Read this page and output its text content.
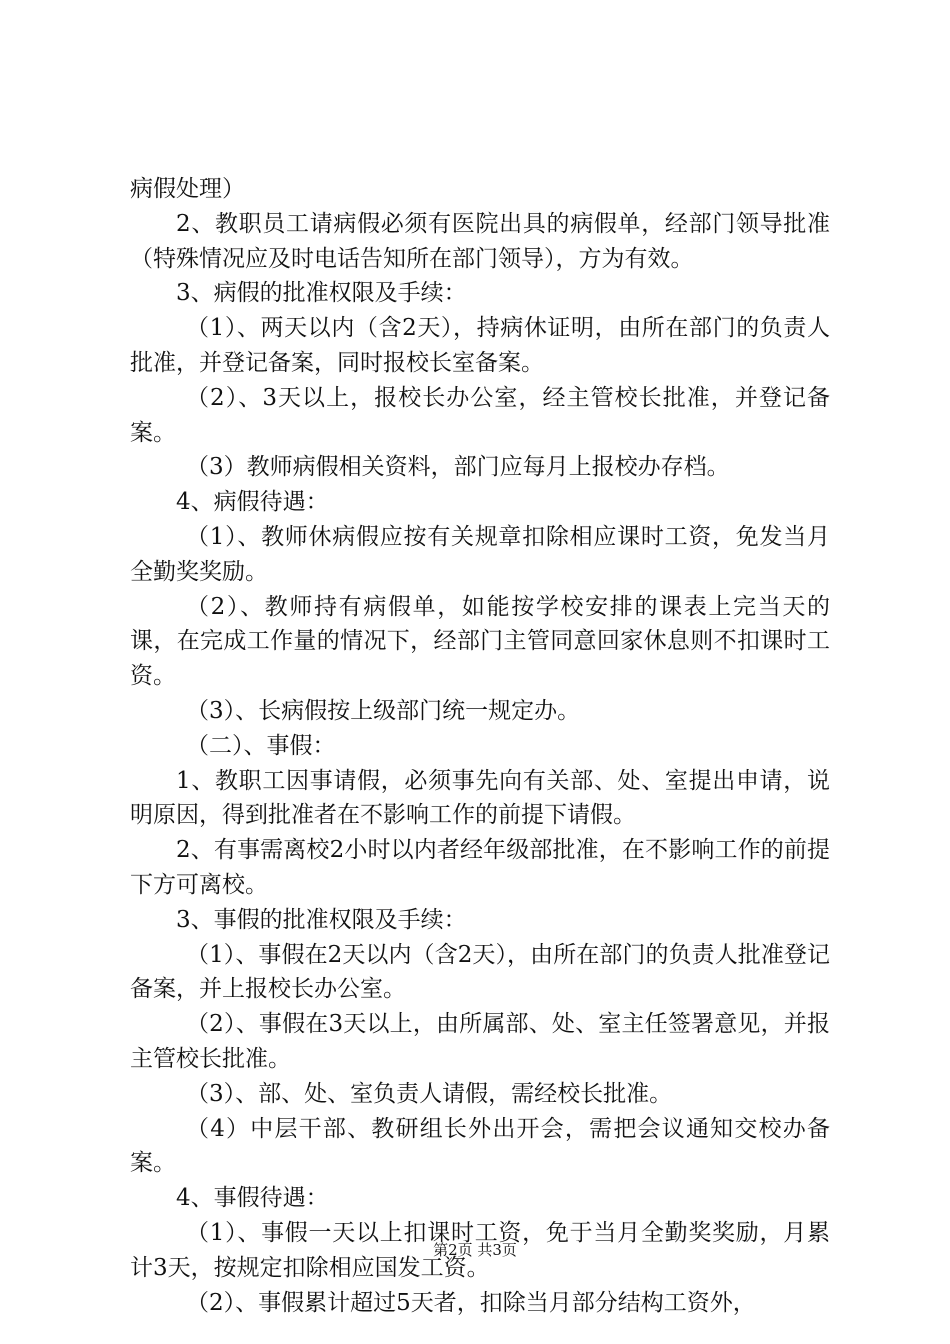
病假处理）

2、教职员工请病假必须有医院出具的病假单，经部门领导批准（特殊情况应及时电话告知所在部门领导），方为有效。

3、病假的批准权限及手续：

（1）、两天以内（含2天），持病休证明，由所在部门的负责人批准，并登记备案，同时报校长室备案。

（2）、3天以上，报校长办公室，经主管校长批准，并登记备案。

（3）教师病假相关资料，部门应每月上报校办存档。

4、病假待遇：

（1）、教师休病假应按有关规章扣除相应课时工资，免发当月全勤奖奖励。

（2）、教师持有病假单，如能按学校安排的课表上完当天的课，在完成工作量的情况下，经部门主管同意回家休息则不扣课时工资。

（3）、长病假按上级部门统一规定办。

（二）、事假：

1、教职工因事请假，必须事先向有关部、处、室提出申请，说明原因，得到批准者在不影响工作的前提下请假。

2、有事需离校2小时以内者经年级部批准，在不影响工作的前提下方可离校。

3、事假的批准权限及手续：

（1）、事假在2天以内（含2天），由所在部门的负责人批准登记备案，并上报校长办公室。

（2）、事假在3天以上，由所属部、处、室主任签署意见，并报主管校长批准。

（3）、部、处、室负责人请假，需经校长批准。

（4）中层干部、教研组长外出开会，需把会议通知交校办备案。

4、事假待遇：

（1）、事假一天以上扣课时工资，免于当月全勤奖奖励，月累计3天，按规定扣除相应国发工资。

（2）、事假累计超过5天者，扣除当月部分结构工资外，

第2页 共3页
